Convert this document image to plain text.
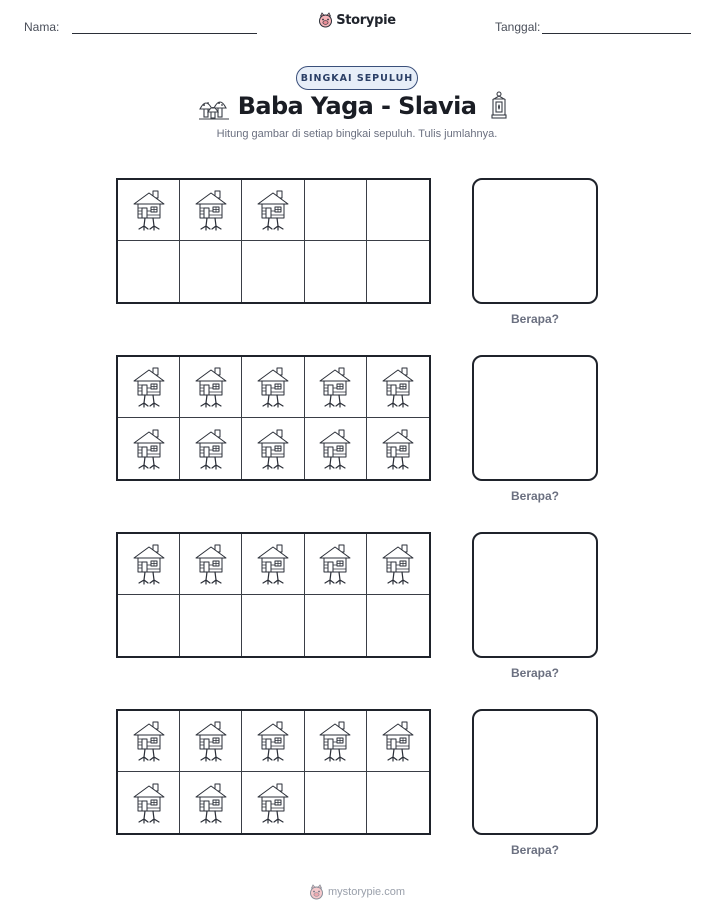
Nama:	Storypie	Tanggal:
BINGKAI SEPULUH
Baba Yaga - Slavia
Hitung gambar di setiap bingkai sepuluh. Tulis jumlahnya.
Berapa?
Berapa?
Berapa?
Berapa?
mystorypie.com
